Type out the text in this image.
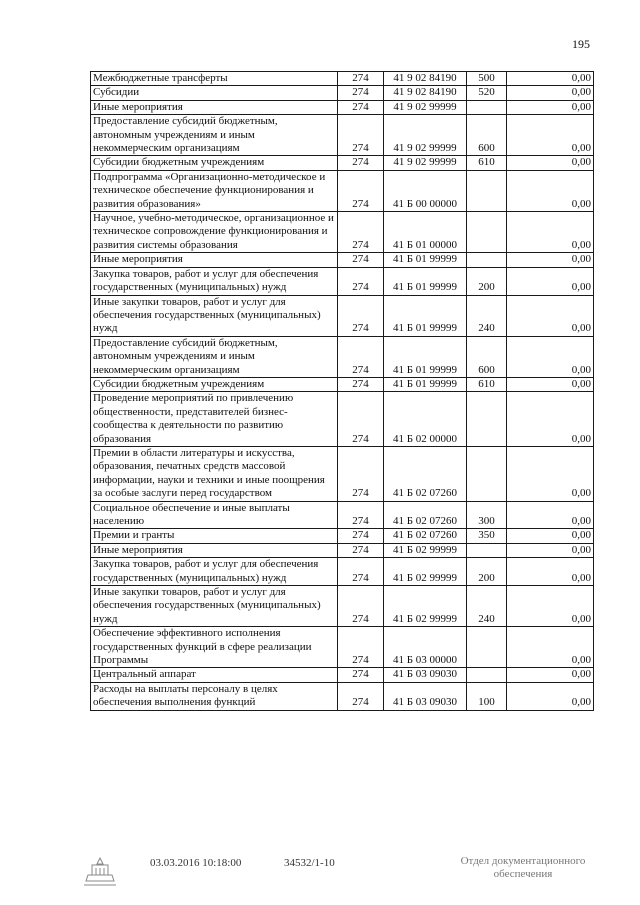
195
Межбюджетные трансферты	274	41 9 02 84190	500	0,00
Субсидии	274	41 9 02 84190	520	0,00
Иные мероприятия	274	41 9 02 99999		0,00
Предоставление субсидий бюджетным, автономным учреждениям и иным некоммерческим организациям	274	41 9 02 99999	600	0,00
Субсидии бюджетным учреждениям	274	41 9 02 99999	610	0,00
Подпрограмма «Организационно-методическое и техническое обеспечение функционирования и развития образования»	274	41 Б 00 00000		0,00
Научное, учебно-методическое, организационное и техническое сопровождение функционирования и развития системы образования	274	41 Б 01 00000		0,00
Иные мероприятия	274	41 Б 01 99999		0,00
Закупка товаров, работ и услуг для обеспечения государственных (муниципальных) нужд	274	41 Б 01 99999	200	0,00
Иные закупки товаров, работ и услуг для обеспечения государственных (муниципальных) нужд	274	41 Б 01 99999	240	0,00
Предоставление субсидий бюджетным, автономным учреждениям и иным некоммерческим организациям	274	41 Б 01 99999	600	0,00
Субсидии бюджетным учреждениям	274	41 Б 01 99999	610	0,00
Проведение мероприятий по привлечению общественности, представителей бизнес-сообщества к деятельности по развитию образования	274	41 Б 02 00000		0,00
Премии в области литературы и искусства, образования, печатных средств массовой информации, науки и техники и иные поощрения за особые заслуги перед государством	274	41 Б 02 07260		0,00
Социальное обеспечение и иные выплаты населению	274	41 Б 02 07260	300	0,00
Премии и гранты	274	41 Б 02 07260	350	0,00
Иные мероприятия	274	41 Б 02 99999		0,00
Закупка товаров, работ и услуг для обеспечения государственных (муниципальных) нужд	274	41 Б 02 99999	200	0,00
Иные закупки товаров, работ и услуг для обеспечения государственных (муниципальных) нужд	274	41 Б 02 99999	240	0,00
Обеспечение эффективного исполнения государственных функций в сфере реализации Программы	274	41 Б 03 00000		0,00
Центральный аппарат	274	41 Б 03 09030		0,00
Расходы на выплаты персоналу в целях обеспечения выполнения функций	274	41 Б 03 09030	100	0,00
03.03.2016 10:18:00	34532/1-10	Отдел документационного
обеспечения
